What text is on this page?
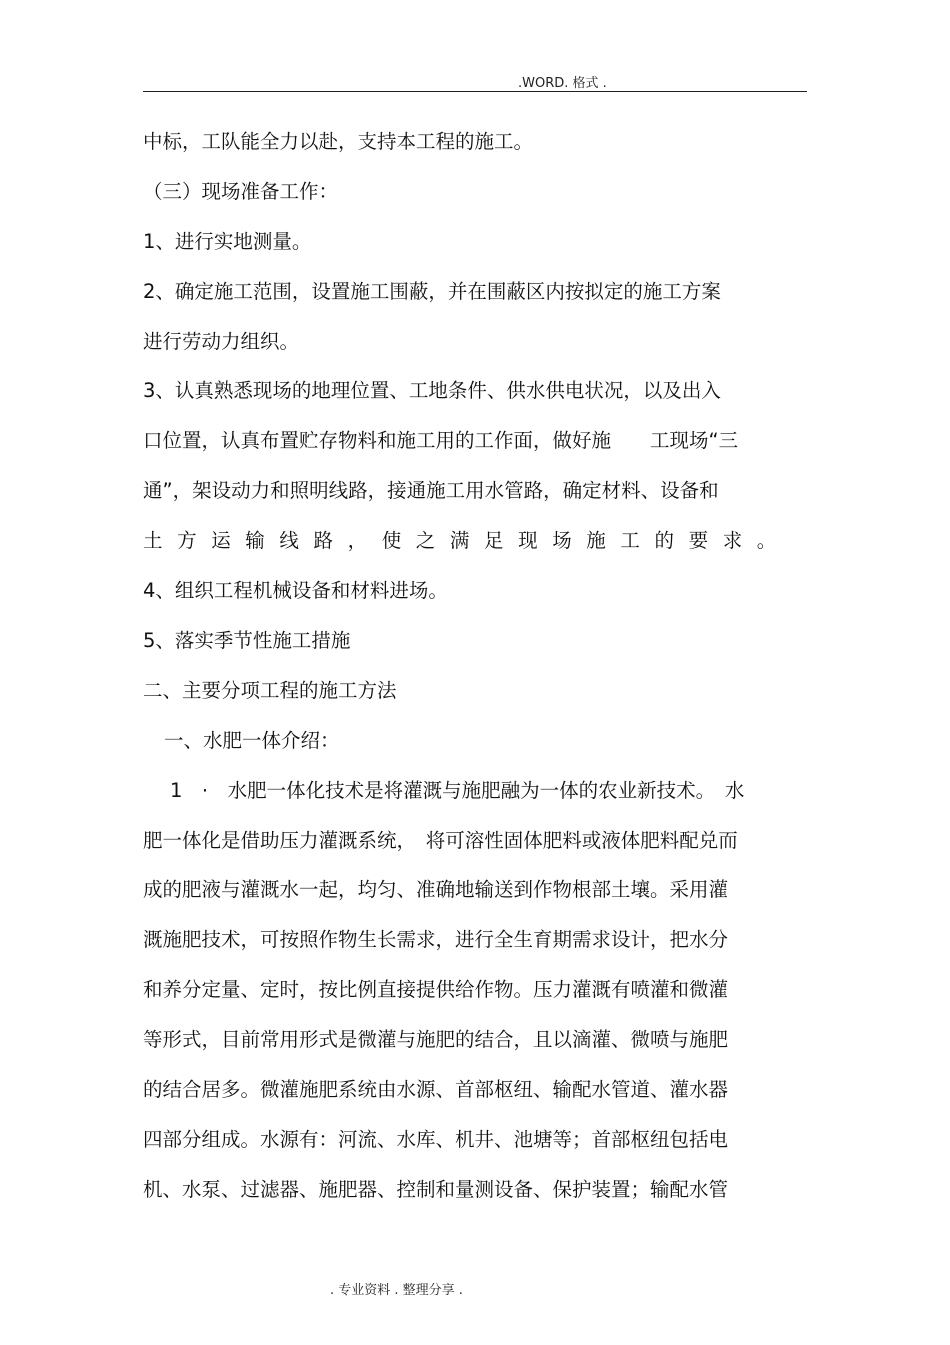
.WORD. 格式 .
中标，工队能全力以赴，支持本工程的施工。
（三）现场准备工作：
1、进行实地测量。
2、确定施工范围，设置施工围蔽，并在围蔽区内按拟定的施工方案
进行劳动力组织。
3、认真熟悉现场的地理位置、工地条件、供水供电状况，以及出入
口位置，认真布置贮存物料和施工用的工作面，做好施　　工现场“三
通”，架设动力和照明线路，接通施工用水管路，确定材料、设备和
土方运输线路，使之满足现场施工的要求。
4、组织工程机械设备和材料进场。
5、落实季节性施工措施
二、主要分项工程的施工方法
一、水肥一体介绍：
1　·　水肥一体化技术是将灌溉与施肥融为一体的农业新技术。　水
肥一体化是借助压力灌溉系统，　将可溶性固体肥料或液体肥料配兑而
成的肥液与灌溉水一起，均匀、准确地输送到作物根部土壤。采用灌
溉施肥技术，可按照作物生长需求，进行全生育期需求设计，把水分
和养分定量、定时，按比例直接提供给作物。压力灌溉有喷灌和微灌
等形式，目前常用形式是微灌与施肥的结合，且以滴灌、微喷与施肥
的结合居多。微灌施肥系统由水源、首部枢纽、输配水管道、灌水器
四部分组成。水源有：河流、水库、机井、池塘等；首部枢纽包括电
机、水泵、过滤器、施肥器、控制和量测设备、保护装置；输配水管
. 专业资料 . 整理分享 .
